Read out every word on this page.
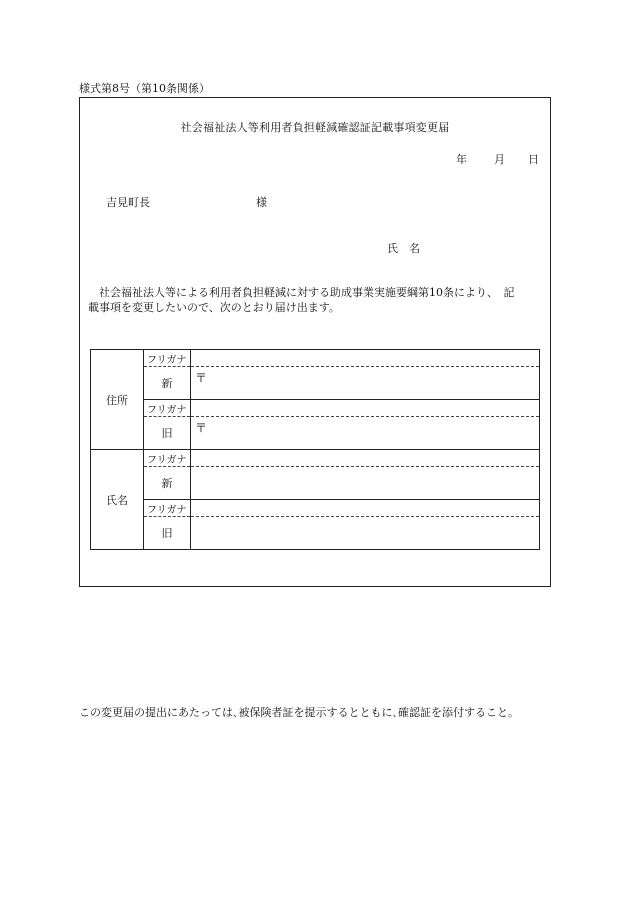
様式第8号（第10条関係）
社会福祉法人等利用者負担軽減確認証記載事項変更届
年 月 日
吉見町長	様
氏　名
社会福祉法人等による利用者負担軽減に対する助成事業実施要綱第10条により、　記
載事項を変更したいので、次のとおり届け出ます。
住所	フリガナ	
	新	〒
	フリガナ	
	旧	〒
氏名	フリガナ	
	新	
	フリガナ	
	旧	
この変更届の提出にあたっては､被保険者証を提示するとともに､確認証を添付すること。
